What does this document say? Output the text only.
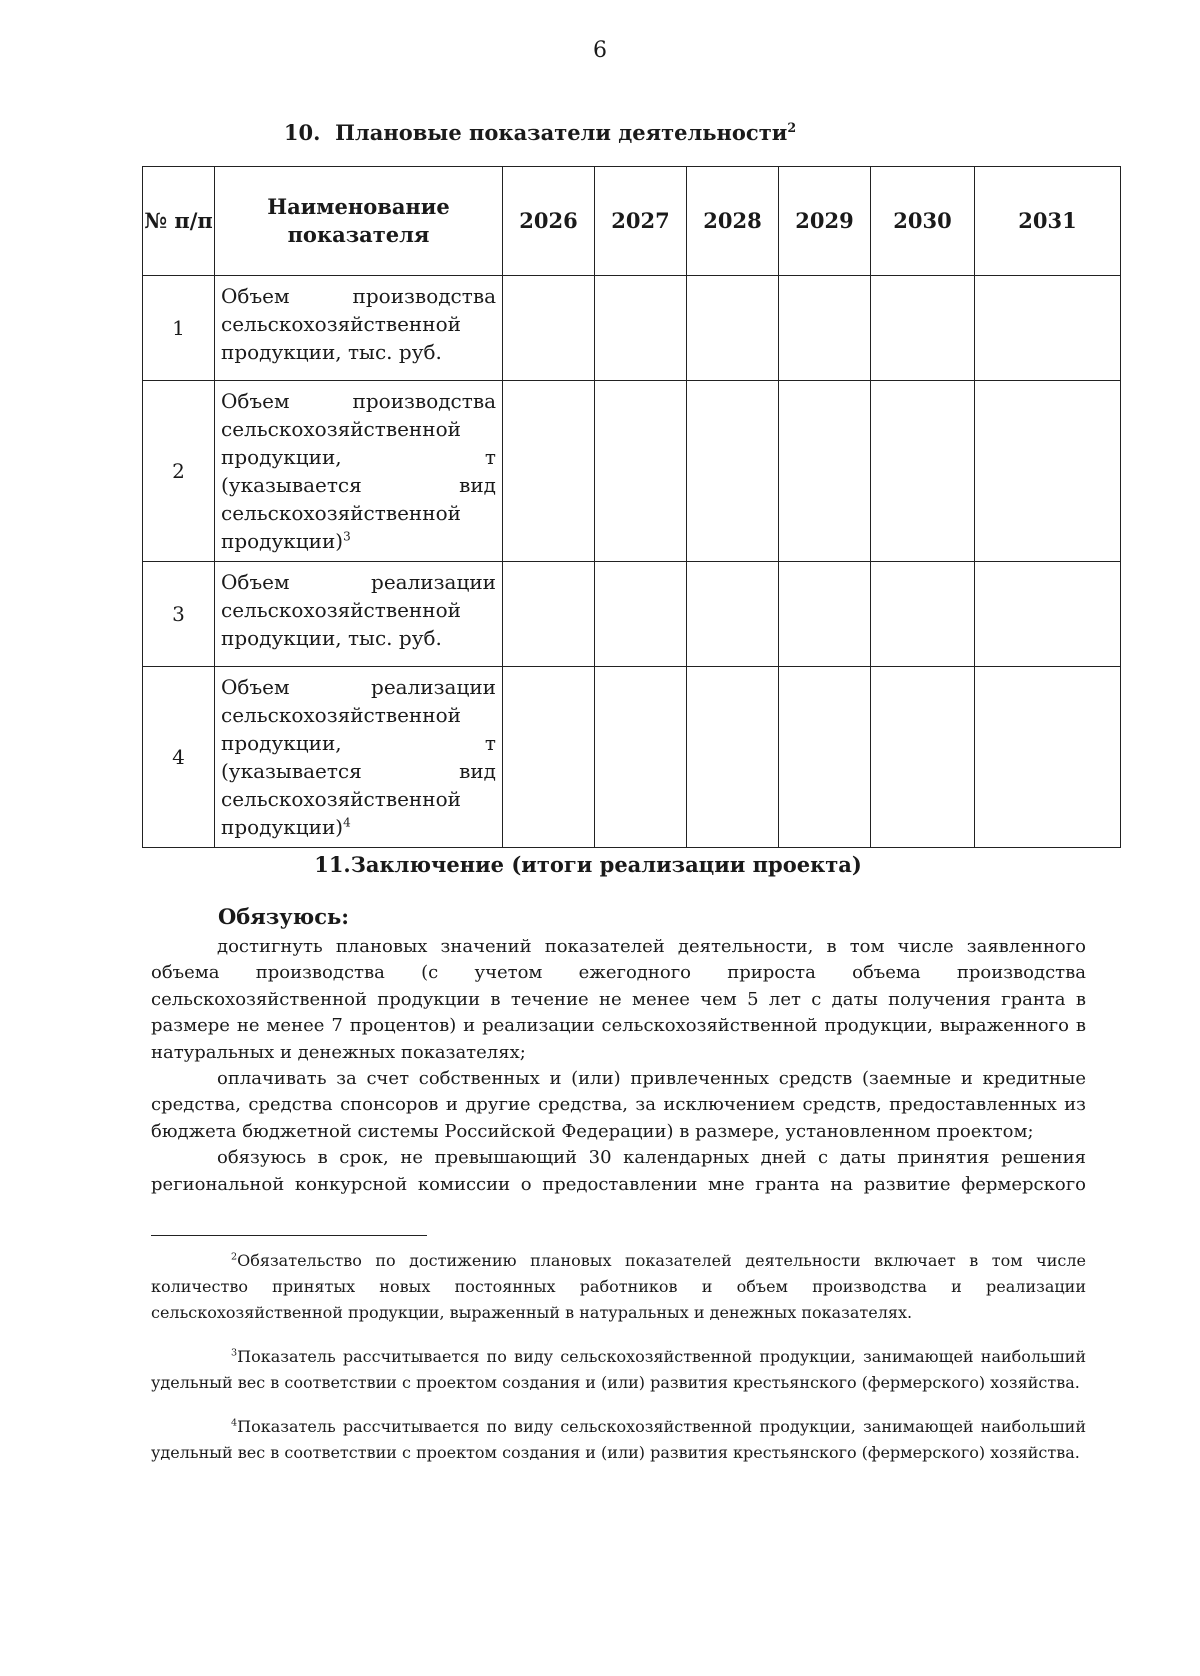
6
10. Плановые показатели деятельности$^2$
№ п/п	Наименование показателя	2026	2027	2028	2029	2030	2031
1	Объем производства сельскохозяйственной продукции, тыс. руб.						
2	Объем производства сельскохозяйственной продукции, т (указывается вид сельскохозяйственной продукции)$^3$						
3	Объем реализации сельскохозяйственной продукции, тыс. руб.						
4	Объем реализации сельскохозяйственной продукции, т (указывается вид сельскохозяйственной продукции)$^4$						
11.Заключение (итоги реализации проекта)
Обязуюсь:

достигнуть плановых значений показателей деятельности, в том числе заявленного объема производства (с учетом ежегодного прироста объема производства сельскохозяйственной продукции в течение не менее чем 5 лет с даты получения гранта в размере не менее 7 процентов) и реализации сельскохозяйственной продукции, выраженного в натуральных и денежных показателях;

оплачивать за счет собственных и (или) привлеченных средств (заемные и кредитные средства, средства спонсоров и другие средства, за исключением средств, предоставленных из бюджета бюджетной системы Российской Федерации) в размере, установленном проектом;

обязуюсь в срок, не превышающий 30 календарных дней с даты принятия решения региональной конкурсной комиссии о предоставлении мне гранта на развитие фермерского

$^2$Обязательство по достижению плановых показателей деятельности включает в том числе количество принятых новых постоянных работников и объем производства и реализации сельскохозяйственной продукции, выраженный в натуральных и денежных показателях.

$^3$Показатель рассчитывается по виду сельскохозяйственной продукции, занимающей наибольший удельный вес в соответствии с проектом создания и (или) развития крестьянского (фермерского) хозяйства.

$^4$Показатель рассчитывается по виду сельскохозяйственной продукции, занимающей наибольший удельный вес в соответствии с проектом создания и (или) развития крестьянского (фермерского) хозяйства.
